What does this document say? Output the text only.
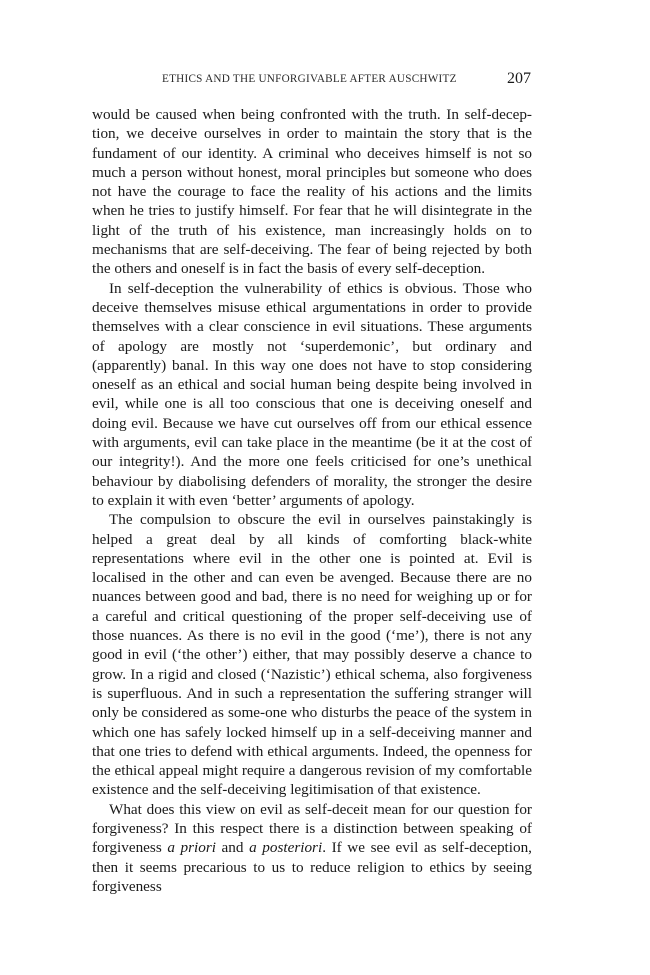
ETHICS AND THE UNFORGIVABLE AFTER AUSCHWITZ	207

would be caused when being confronted with the truth. In self-decep-tion, we deceive ourselves in order to maintain the story that is the fundament of our identity. A criminal who deceives himself is not so much a person without honest, moral principles but someone who does not have the courage to face the reality of his actions and the limits when he tries to justify himself. For fear that he will disintegrate in the light of the truth of his existence, man increasingly holds on to mechanisms that are self-deceiving. The fear of being rejected by both the others and oneself is in fact the basis of every self-deception.

In self-deception the vulnerability of ethics is obvious. Those who deceive themselves misuse ethical argumentations in order to provide themselves with a clear conscience in evil situations. These arguments of apology are mostly not ‘superdemonic’, but ordinary and (apparently) banal. In this way one does not have to stop considering oneself as an ethical and social human being despite being involved in evil, while one is all too conscious that one is deceiving oneself and doing evil. Because we have cut ourselves off from our ethical essence with arguments, evil can take place in the meantime (be it at the cost of our integrity!). And the more one feels criticised for one’s unethical behaviour by diabolising defenders of morality, the stronger the desire to explain it with even ‘better’ arguments of apology.

The compulsion to obscure the evil in ourselves painstakingly is helped a great deal by all kinds of comforting black-white representations where evil in the other one is pointed at. Evil is localised in the other and can even be avenged. Because there are no nuances between good and bad, there is no need for weighing up or for a careful and critical questioning of the proper self-deceiving use of those nuances. As there is no evil in the good (‘me’), there is not any good in evil (‘the other’) either, that may possibly deserve a chance to grow. In a rigid and closed (‘Nazistic’) ethical schema, also forgiveness is superfluous. And in such a representation the suffering stranger will only be considered as some-one who disturbs the peace of the system in which one has safely locked himself up in a self-deceiving manner and that one tries to defend with ethical arguments. Indeed, the openness for the ethical appeal might require a dangerous revision of my comfortable existence and the self-deceiving legitimisation of that existence.

What does this view on evil as self-deceit mean for our question for forgiveness? In this respect there is a distinction between speaking of forgiveness a priori and a posteriori. If we see evil as self-deception, then it seems precarious to us to reduce religion to ethics by seeing forgiveness
